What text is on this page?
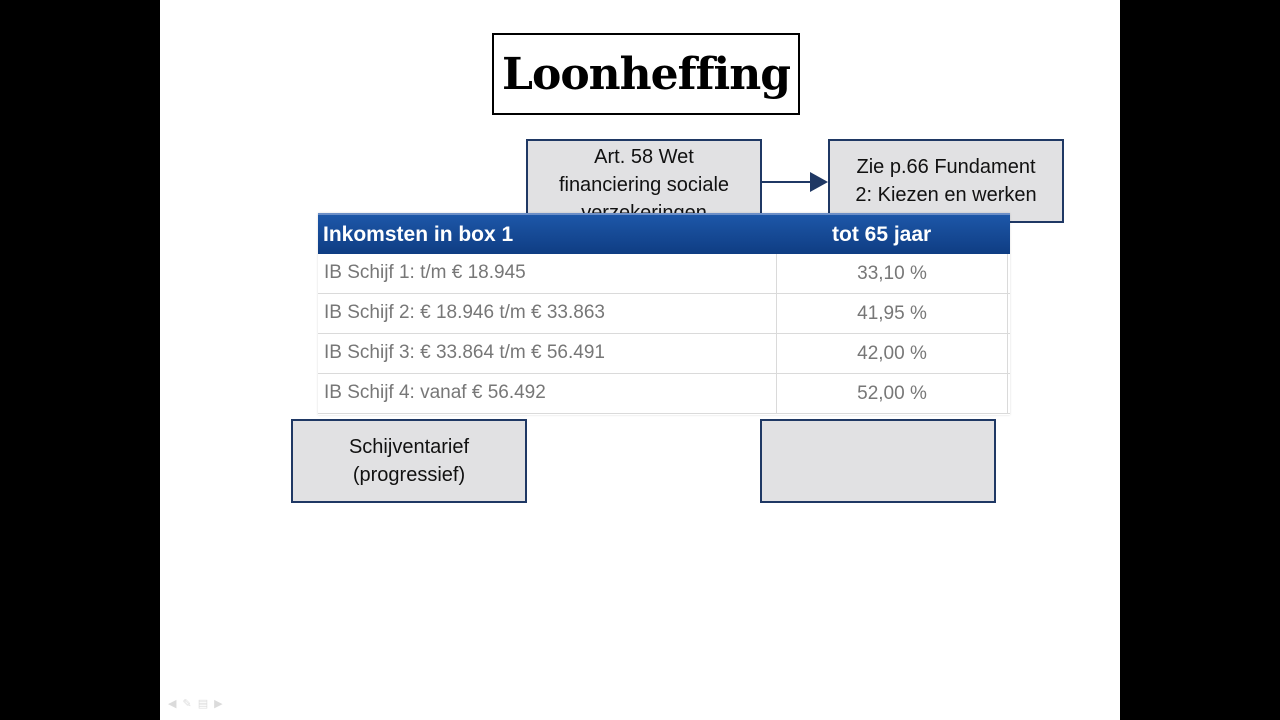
Loonheffing
Art. 58 Wet
financiering sociale
Zie p.66 Fundament
2: Kiezen en werken
Schijventarief
(progressief)
Inkomsten in box 1	tot 65 jaar
IB Schijf 1: t/m € 18.945	33,10 %
IB Schijf 2: € 18.946 t/m € 33.863	41,95 %
IB Schijf 3: € 33.864 t/m € 56.491	42,00 %
IB Schijf 4: vanaf € 56.492	52,00 %
◀ ✎ ▤ ▶
